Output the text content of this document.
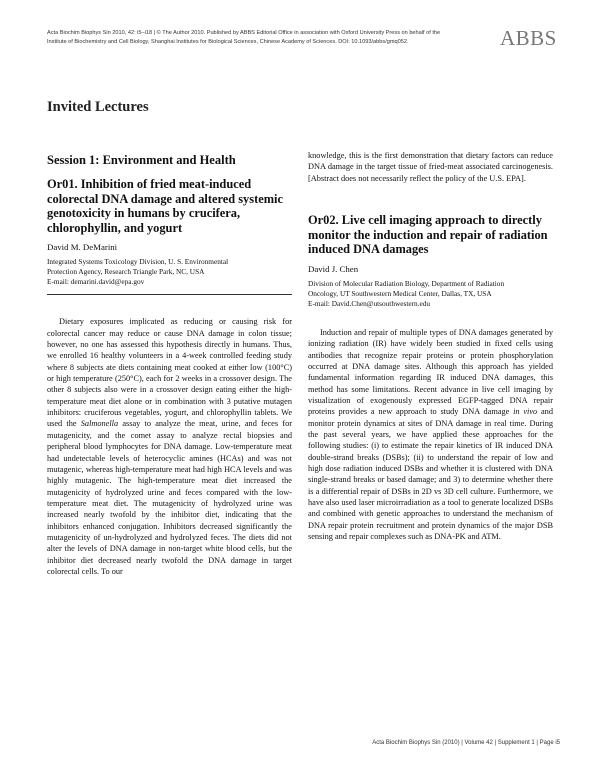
Acta Biochim Biophys Sin 2010, 42: i5–i18 | © The Author 2010. Published by ABBS Editorial Office in association with Oxford University Press on behalf of the
Institute of Biochemistry and Cell Biology, Shanghai Institutes for Biological Sciences, Chinese Academy of Sciences. DOI: 10.1093/abbs/gmq052.	ABBS
Invited Lectures
Session 1: Environment and Health
Or01. Inhibition of fried meat-induced colorectal DNA damage and altered systemic genotoxicity in humans by crucifera, chlorophyllin, and yogurt
David M. DeMarini
Integrated Systems Toxicology Division, U. S. Environmental
Protection Agency, Research Triangle Park, NC, USA
E-mail: demarini.david@epa.gov

Dietary exposures implicated as reducing or causing risk for colorectal cancer may reduce or cause DNA damage in colon tissue; however, no one has assessed this hypothesis directly in humans. Thus, we enrolled 16 healthy volunteers in a 4-week controlled feeding study where 8 subjects ate diets containing meat cooked at either low (100°C) or high temperature (250°C), each for 2 weeks in a crossover design. The other 8 subjects also were in a crossover design eating either the high-temperature meat diet alone or in combination with 3 putative mutagen inhibitors: cruciferous vegetables, yogurt, and chlorophyllin tablets. We used the Salmonella assay to analyze the meat, urine, and feces for mutagenicity, and the comet assay to analyze rectal biopsies and peripheral blood lymphocytes for DNA damage. Low-temperature meat had undetectable levels of heterocyclic amines (HCAs) and was not mutagenic, whereas high-temperature meat had high HCA levels and was highly mutagenic. The high-temperature meat diet increased the mutagenicity of hydrolyzed urine and feces compared with the low-temperature meat diet. The mutagenicity of hydrolyzed urine was increased nearly twofold by the inhibitor diet, indicating that the inhibitors enhanced conjugation. Inhibitors decreased significantly the mutagenicity of un-hydrolyzed and hydrolyzed feces. The diets did not alter the levels of DNA damage in non-target white blood cells, but the inhibitor diet decreased nearly twofold the DNA damage in target colorectal cells. To our

knowledge, this is the first demonstration that dietary factors can reduce DNA damage in the target tissue of fried-meat associated carcinogenesis. [Abstract does not necessarily reflect the policy of the U.S. EPA].

Or02. Live cell imaging approach to directly monitor the induction and repair of radiation induced DNA damages
David J. Chen
Division of Molecular Radiation Biology, Department of Radiation
Oncology, UT Southwestern Medical Center, Dallas, TX, USA
E-mail: David.Chen@utsouthwestern.edu

Induction and repair of multiple types of DNA damages generated by ionizing radiation (IR) have widely been studied in fixed cells using antibodies that recognize repair proteins or protein phosphorylation occurred at DNA damage sites. Although this approach has yielded fundamental information regarding IR induced DNA damages, this method has some limitations. Recent advance in live cell imaging by visualization of exogenously expressed EGFP-tagged DNA repair proteins provides a new approach to study DNA damage in vivo and monitor protein dynamics at sites of DNA damage in real time. During the past several years, we have applied these approaches for the following studies: (i) to estimate the repair kinetics of IR induced DNA double-strand breaks (DSBs); (ii) to understand the repair of low and high dose radiation induced DSBs and whether it is clustered with DNA single-strand breaks or based damage; and 3) to determine whether there is a differential repair of DSBs in 2D vs 3D cell culture. Furthermore, we have also used laser microirradiation as a tool to generate localized DSBs and combined with genetic approaches to understand the mechanism of DNA repair protein recruitment and protein dynamics of the major DSB sensing and repair complexes such as DNA-PK and ATM.

Acta Biochim Biophys Sin (2010) | Volume 42 | Supplement 1 | Page i5
